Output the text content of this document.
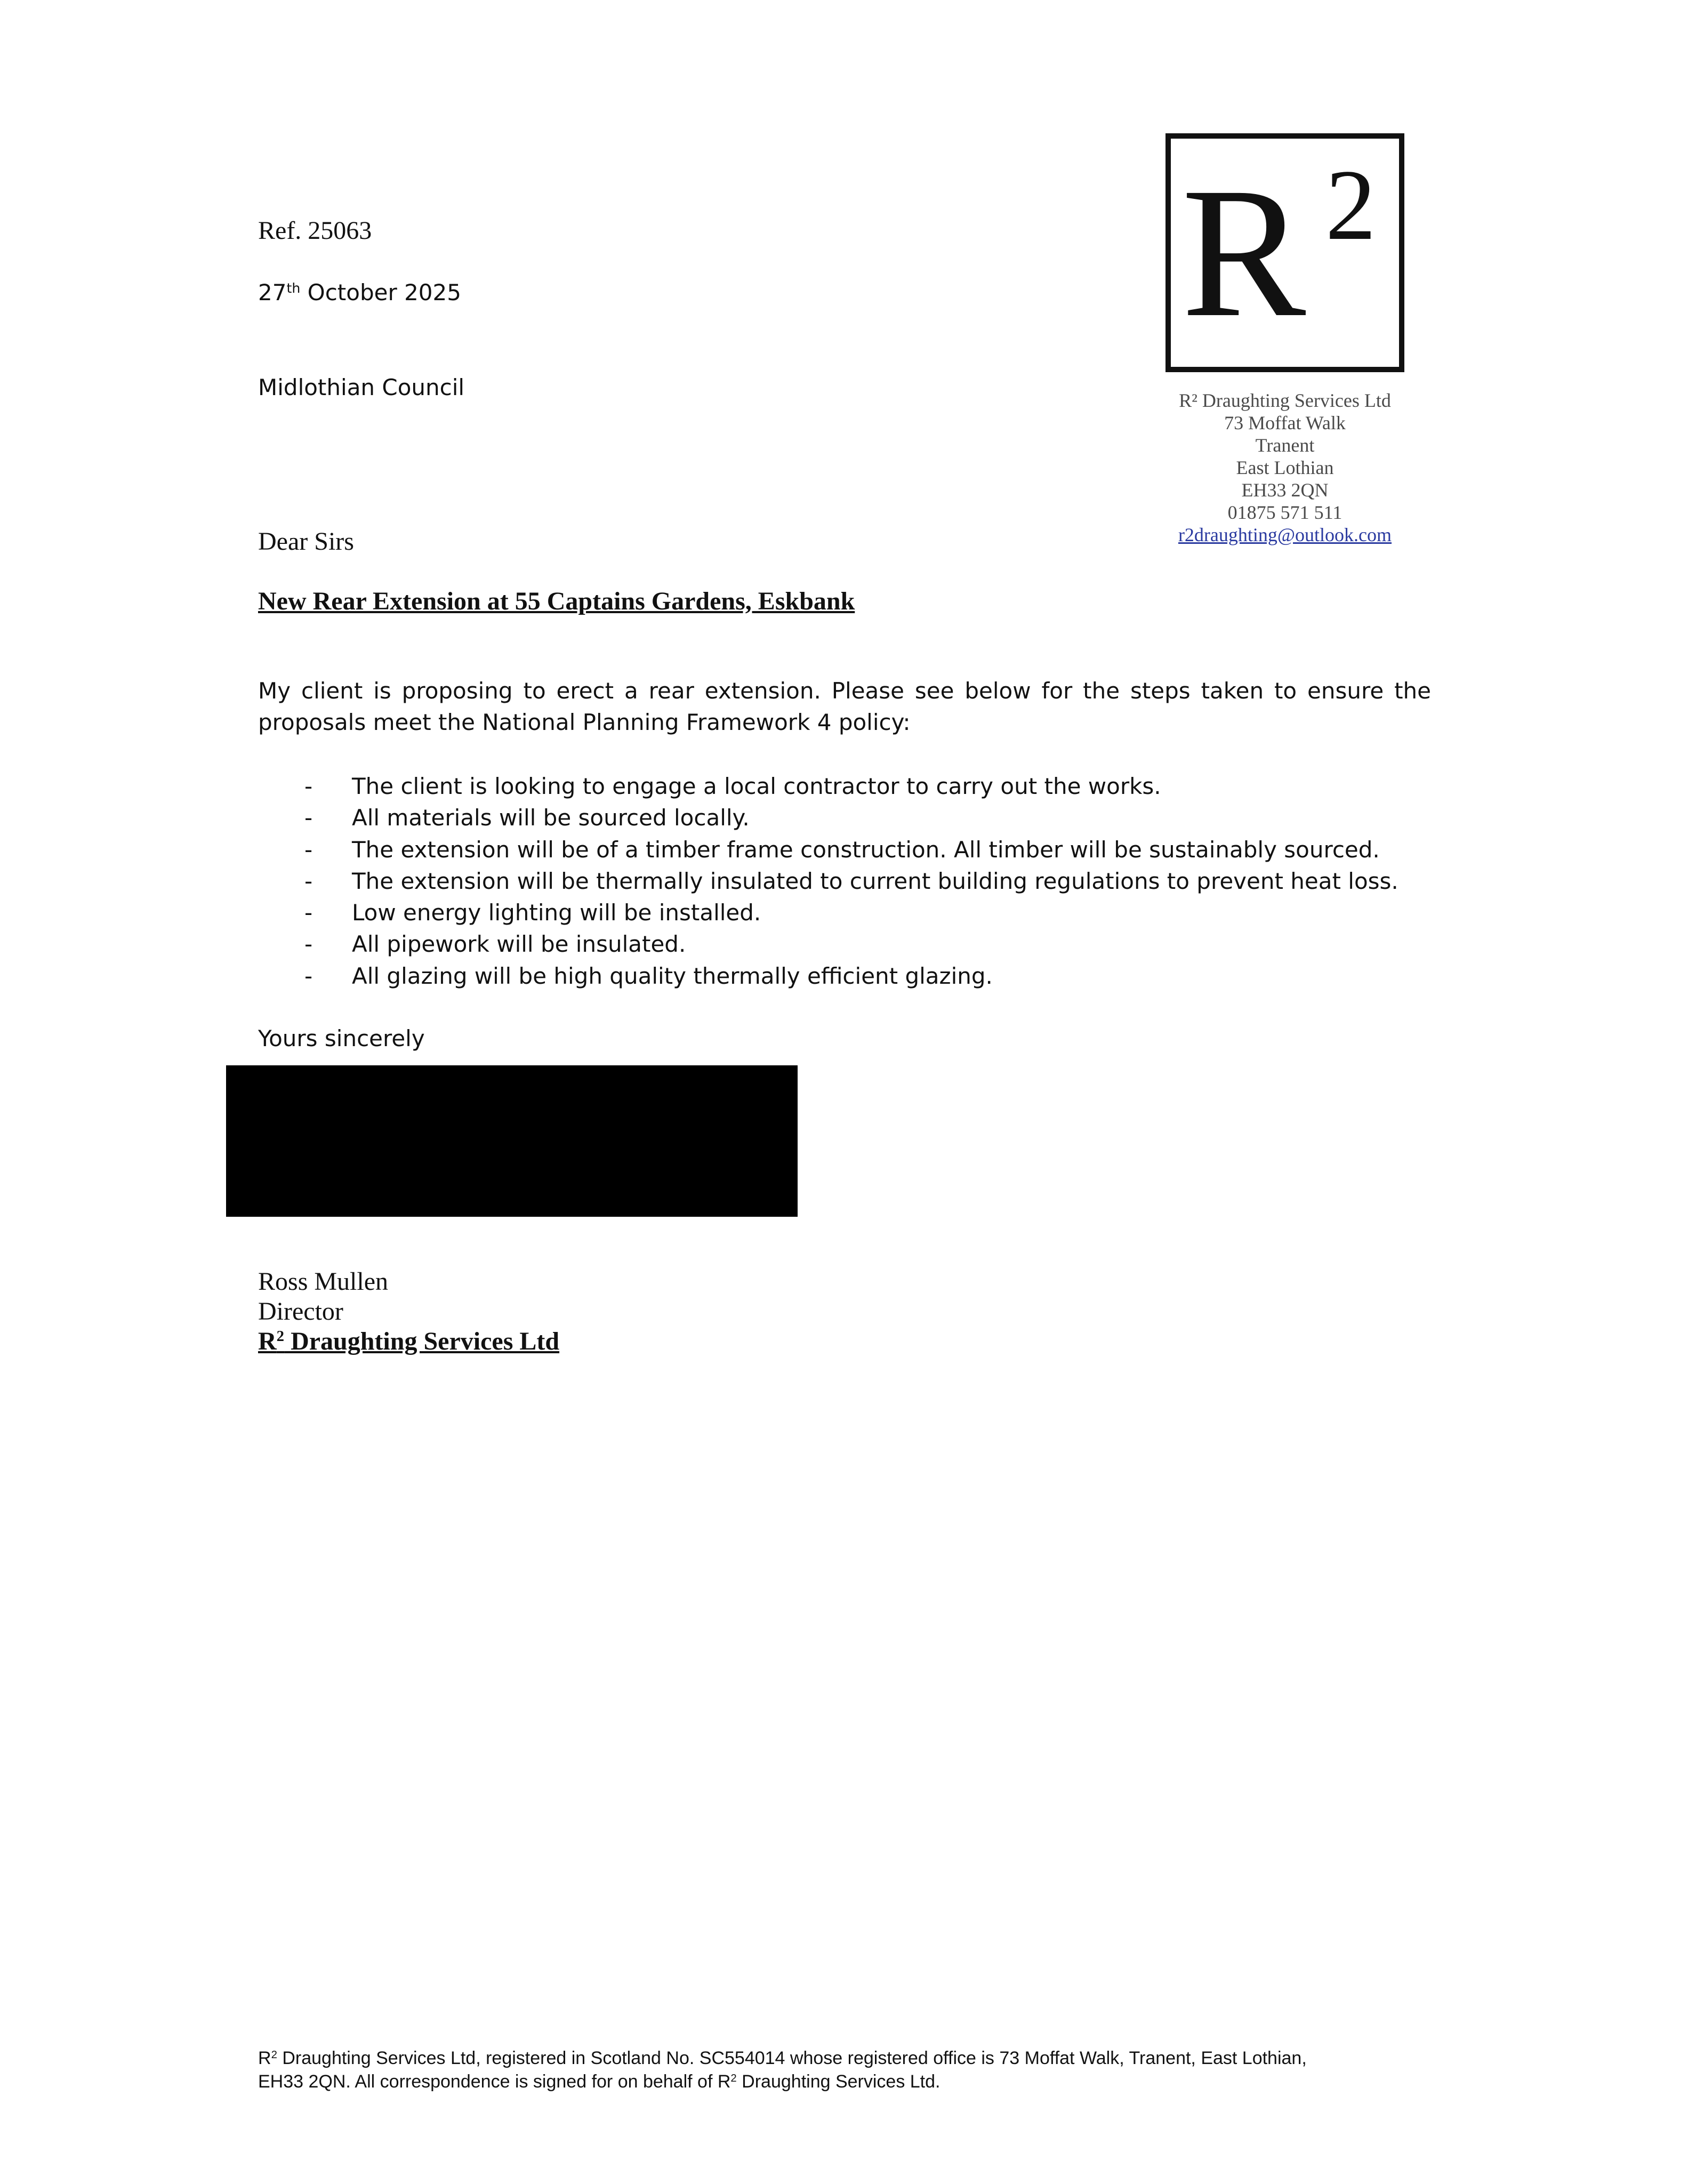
R 2
R² Draughting Services Ltd
73 Moffat Walk
Tranent
East Lothian
EH33 2QN
01875 571 511
r2draughting@outlook.com
Ref. 25063
27th October 2025
Midlothian Council
Dear Sirs
New Rear Extension at 55 Captains Gardens, Eskbank
My client is proposing to erect a rear extension. Please see below for the steps taken to ensure the proposals meet the National Planning Framework 4 policy:
- The client is looking to engage a local contractor to carry out the works.
- All materials will be sourced locally.
- The extension will be of a timber frame construction. All timber will be sustainably sourced.
- The extension will be thermally insulated to current building regulations to prevent heat loss.
- Low energy lighting will be installed.
- All pipework will be insulated.
- All glazing will be high quality thermally efficient glazing.
Yours sincerely
Ross Mullen
Director
$R^2$ Draughting Services Ltd
$R^2$ Draughting Services Ltd, registered in Scotland No. SC554014 whose registered office is 73 Moffat Walk, Tranent, East Lothian,
EH33 2QN. All correspondence is signed for on behalf of $R^2$ Draughting Services Ltd.
